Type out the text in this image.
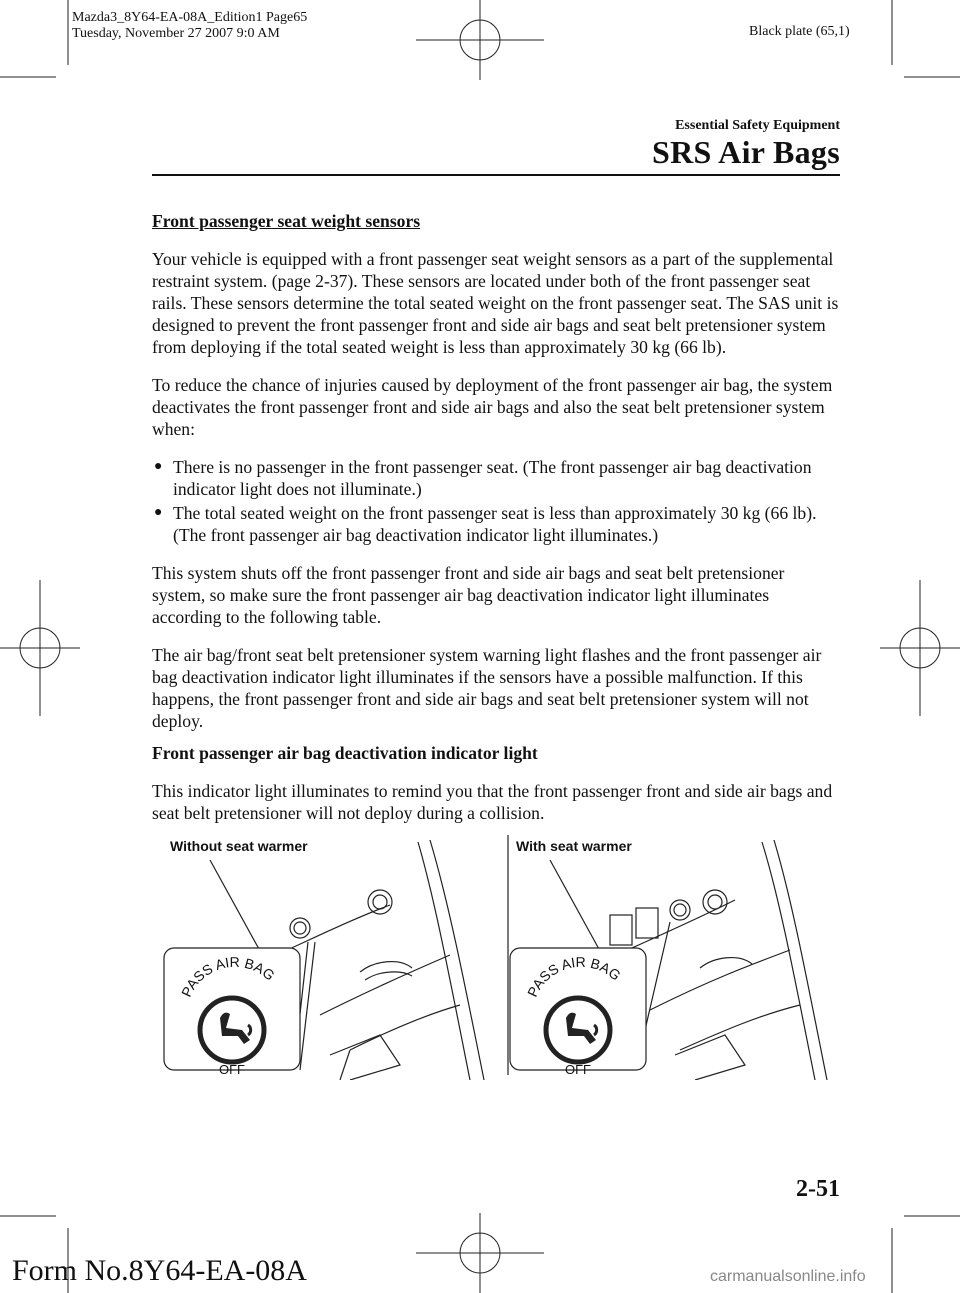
Mazda3_8Y64-EA-08A_Edition1 Page65
Tuesday, November 27 2007 9:0 AM	Black plate (65,1)
Essential Safety Equipment
SRS Air Bags

Front passenger seat weight sensors

Your vehicle is equipped with a front passenger seat weight sensors as a part of the supplemental restraint system. (page 2-37). These sensors are located under both of the front passenger seat rails. These sensors determine the total seated weight on the front passenger seat. The SAS unit is designed to prevent the front passenger front and side air bags and seat belt pretensioner system from deploying if the total seated weight is less than approximately 30 kg (66 lb).

To reduce the chance of injuries caused by deployment of the front passenger air bag, the system deactivates the front passenger front and side air bags and also the seat belt pretensioner system when:

● There is no passenger in the front passenger seat. (The front passenger air bag deactivation indicator light does not illuminate.)
● The total seated weight on the front passenger seat is less than approximately 30 kg (66 lb). (The front passenger air bag deactivation indicator light illuminates.)

This system shuts off the front passenger front and side air bags and seat belt pretensioner system, so make sure the front passenger air bag deactivation indicator light illuminates according to the following table.

The air bag/front seat belt pretensioner system warning light flashes and the front passenger air bag deactivation indicator light illuminates if the sensors have a possible malfunction. If this happens, the front passenger front and side air bags and seat belt pretensioner system will not deploy.

Front passenger air bag deactivation indicator light

This indicator light illuminates to remind you that the front passenger front and side air bags and seat belt pretensioner will not deploy during a collision.

Without seat warmer	With seat warmer
PASS AIR BAG
PASS AIR BAG
OFF	OFF
2-51
Form No.8Y64-EA-08A	carmanualsonline.info
